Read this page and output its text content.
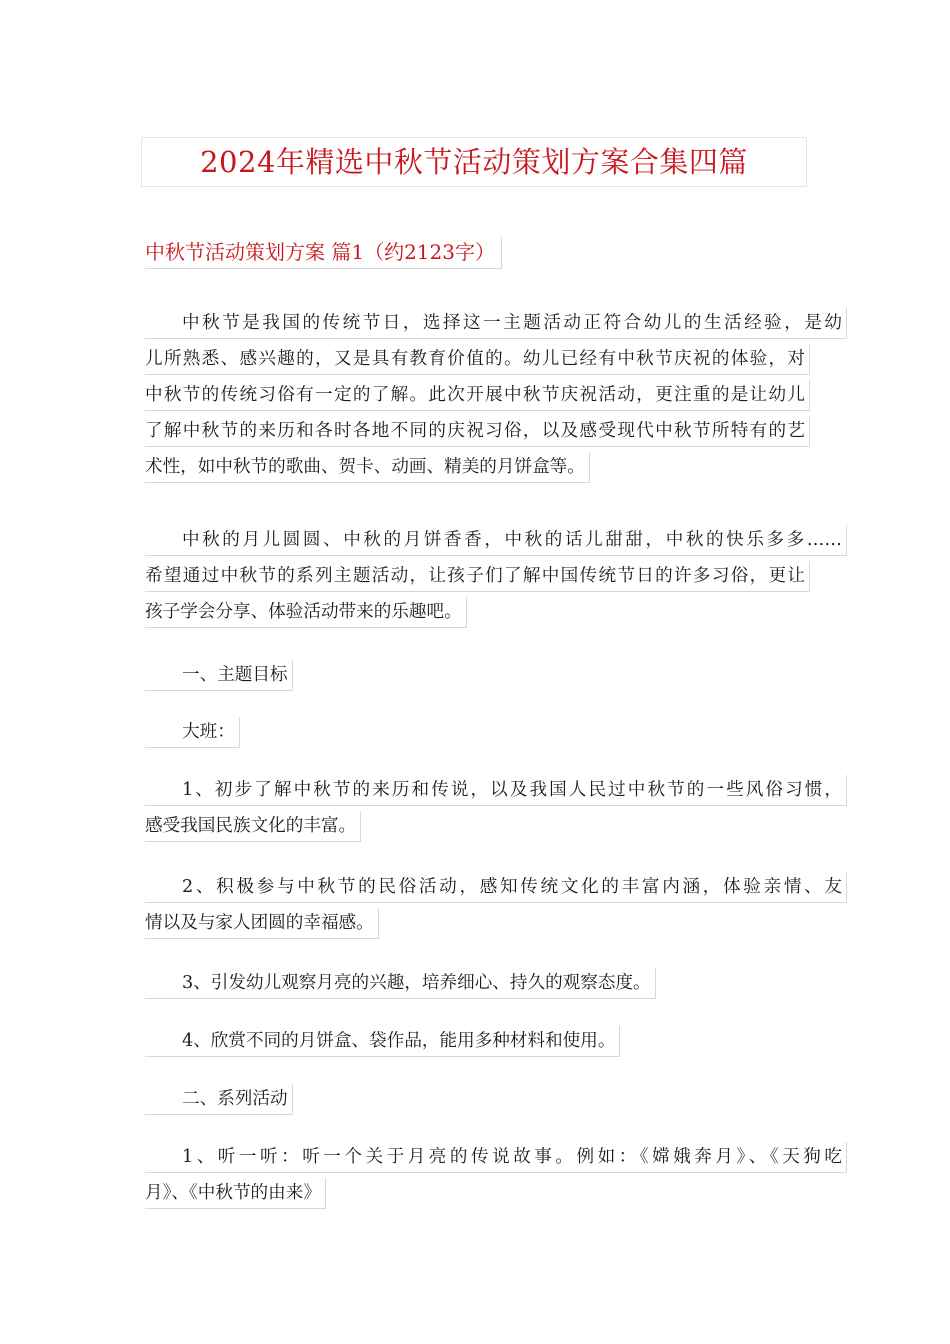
2024年精选中秋节活动策划方案合集四篇
中秋节活动策划方案 篇1（约2123字）
中秋节是我国的传统节日，选择这一主题活动正符合幼儿的生活经验，是幼
儿所熟悉、感兴趣的，又是具有教育价值的。幼儿已经有中秋节庆祝的体验，对
中秋节的传统习俗有一定的了解。此次开展中秋节庆祝活动，更注重的是让幼儿
了解中秋节的来历和各时各地不同的庆祝习俗，以及感受现代中秋节所特有的艺
术性，如中秋节的歌曲、贺卡、动画、精美的月饼盒等。
中秋的月儿圆圆、中秋的月饼香香，中秋的话儿甜甜，中秋的快乐多多……
希望通过中秋节的系列主题活动，让孩子们了解中国传统节日的许多习俗，更让
孩子学会分享、体验活动带来的乐趣吧。
一、主题目标
大班：
1、初步了解中秋节的来历和传说，以及我国人民过中秋节的一些风俗习惯，
感受我国民族文化的丰富。
2、积极参与中秋节的民俗活动，感知传统文化的丰富内涵，体验亲情、友
情以及与家人团圆的幸福感。
3、引发幼儿观察月亮的兴趣，培养细心、持久的观察态度。
4、欣赏不同的月饼盒、袋作品，能用多种材料和使用。
二、系列活动
1、听一听：听一个关于月亮的传说故事。例如：《嫦娥奔月》、《天狗吃
月》、《中秋节的由来》
